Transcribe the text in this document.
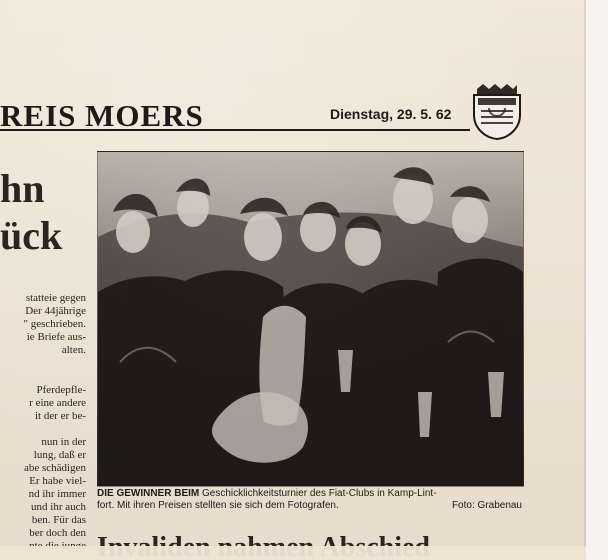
REIS MOERS	Dienstag, 29. 5. 62
hn
ück
statteie gegen
Der 44jährige
" geschrieben.
ie Briefe aus-
alten.
Pferdepfle-
r eine andere
it der er be-
nun in der
lung, daß er
abe schädigen
Er habe viel-
nd ihr immer
und ihr auch
ben. Für das
ber doch den
DIE GEWINNER BEIM Geschicklichkeitsturnier des Fiat-Clubs in Kamp-Lint-
fort. Mit ihren Preisen stellten sie sich dem Fotografen.	Foto: Grabenau
